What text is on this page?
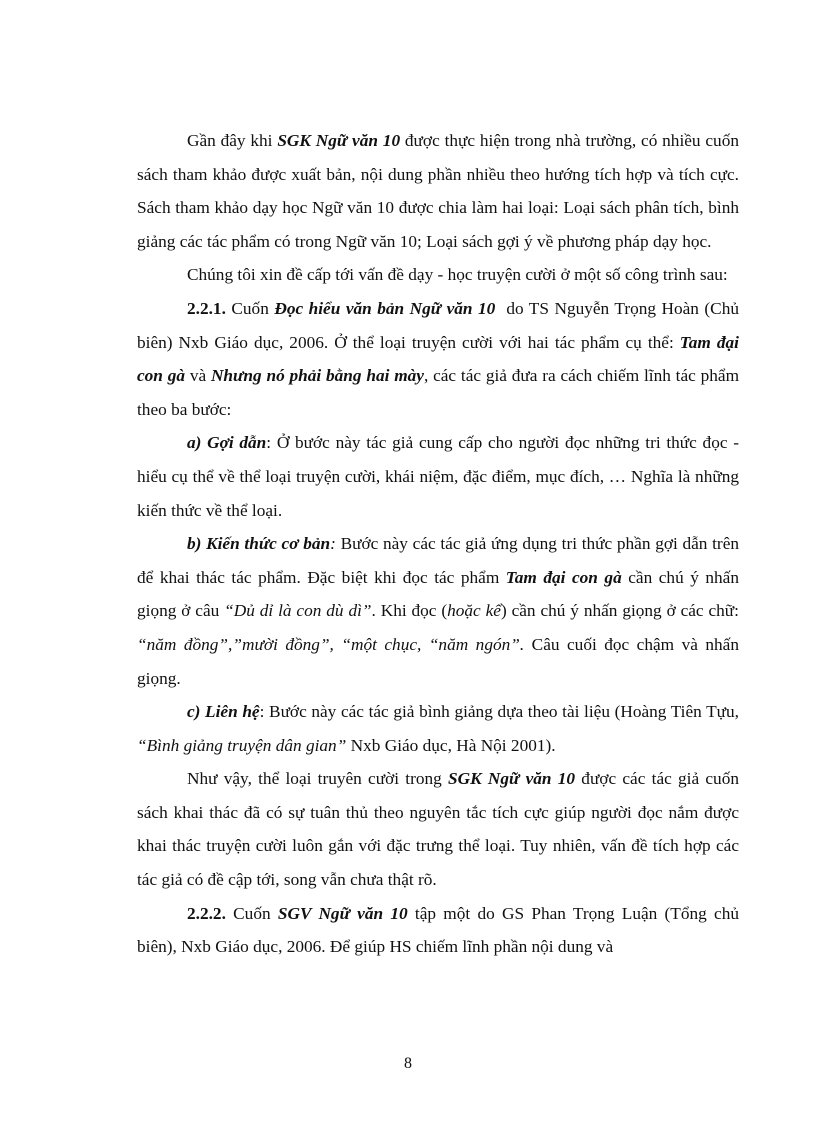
Gần đây khi SGK Ngữ văn 10 được thực hiện trong nhà trường, có nhiều cuốn sách tham khảo được xuất bản, nội dung phần nhiều theo hướng tích hợp và tích cực. Sách tham khảo dạy học Ngữ văn 10 được chia làm hai loại: Loại sách phân tích, bình giảng các tác phẩm có trong Ngữ văn 10; Loại sách gợi ý về phương pháp dạy học.

Chúng tôi xin đề cấp tới vấn đề dạy - học truyện cười ở một số công trình sau:

2.2.1. Cuốn Đọc hiểu văn bản Ngữ văn 10  do TS Nguyễn Trọng Hoàn (Chủ biên) Nxb Giáo dục, 2006. Ở thể loại truyện cười với hai tác phẩm cụ thể: Tam đại con gà và Nhưng nó phải bằng hai mày, các tác giả đưa ra cách chiếm lĩnh tác phẩm theo ba bước:

a) Gợi dẫn: Ở bước này tác giả cung cấp cho người đọc những tri thức đọc - hiểu cụ thể về thể loại truyện cười, khái niệm, đặc điểm, mục đích, … Nghĩa là những kiến thức về thể loại.

b) Kiến thức cơ bản: Bước này các tác giả ứng dụng tri thức phần gợi dẫn trên để khai thác tác phẩm. Đặc biệt khi đọc tác phẩm Tam đại con gà cần chú ý nhấn giọng ở câu “Dủ dỉ là con dù dì”. Khi đọc (hoặc kể) cần chú ý nhấn giọng ở các chữ: “năm đồng”,”mười đồng”, “một chục, “năm ngón”. Câu cuối đọc chậm và nhấn giọng.

c) Liên hệ: Bước này các tác giả bình giảng dựa theo tài liệu (Hoàng Tiên Tựu, “Bình giảng truyện dân gian” Nxb Giáo dục, Hà Nội 2001).

Như vậy, thể loại truyên cười trong SGK Ngữ văn 10 được các tác giả cuốn sách khai thác đã có sự tuân thủ theo nguyên tắc tích cực giúp người đọc nắm được khai thác truyện cười luôn gắn với đặc trưng thể loại. Tuy nhiên, vấn đề tích hợp các tác giả có đề cập tới, song vẫn chưa thật rõ.

2.2.2. Cuốn SGV Ngữ văn 10 tập một do GS Phan Trọng Luận (Tổng chủ biên), Nxb Giáo dục, 2006. Để giúp HS chiếm lĩnh phần nội dung và

8
